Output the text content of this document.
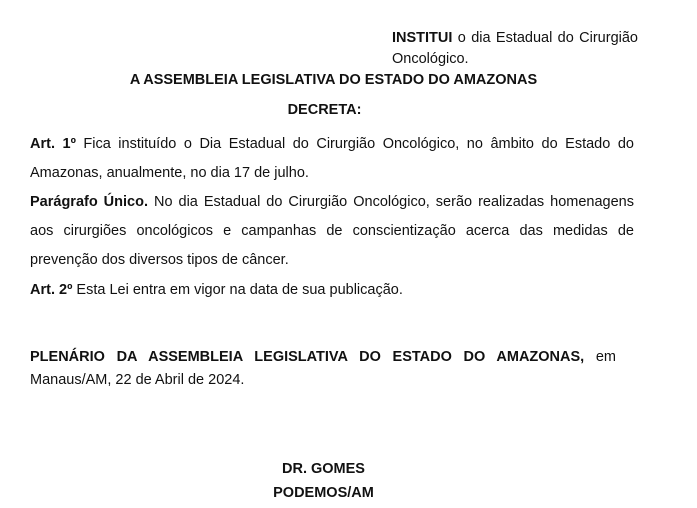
INSTITUI o dia Estadual do Cirurgião Oncológico.
A ASSEMBLEIA LEGISLATIVA DO ESTADO DO AMAZONAS
DECRETA:
Art. 1º Fica instituído o Dia Estadual do Cirurgião Oncológico, no âmbito do Estado do Amazonas, anualmente, no dia 17 de julho.
Parágrafo Único. No dia Estadual do Cirurgião Oncológico, serão realizadas homenagens aos cirurgiões oncológicos e campanhas de conscientização acerca das medidas de prevenção dos diversos tipos de câncer.
Art. 2º Esta Lei entra em vigor na data de sua publicação.
PLENÁRIO DA ASSEMBLEIA LEGISLATIVA DO ESTADO DO AMAZONAS, em
Manaus/AM, 22 de Abril de 2024.
DR. GOMES
PODEMOS/AM
